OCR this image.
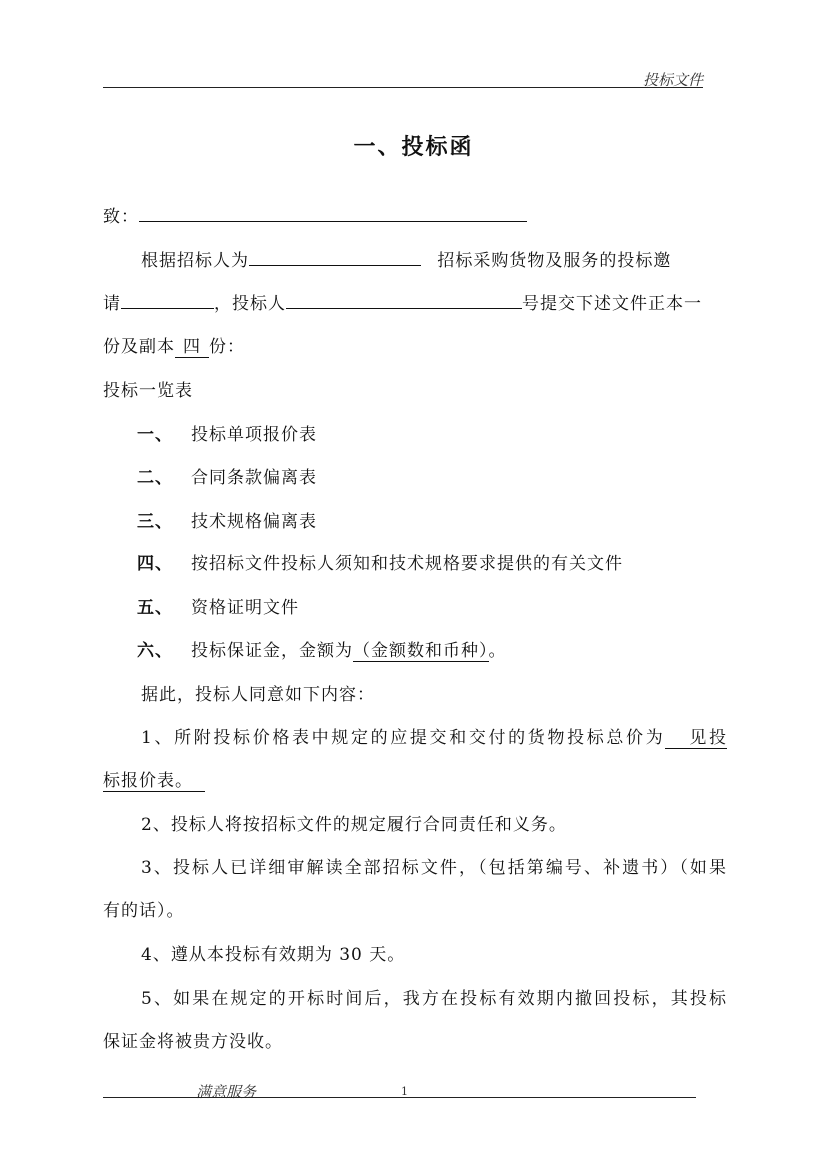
投标文件
一、投标函
致：
根据招标人为	招标采购货物及服务的投标邀
请	，投标人	号提交下述文件正本一
份及副本 四 份：
投标一览表
一、 投标单项报价表
二、 合同条款偏离表
三、 技术规格偏离表
四、 按招标文件投标人须知和技术规格要求提供的有关文件
五、 资格证明文件
六、 投标保证金，金额为（金额数和币种）。
据此，投标人同意如下内容：
1、所附投标价格表中规定的应提交和交付的货物投标总价为 见投
标报价表。
2、投标人将按招标文件的规定履行合同责任和义务。
3、投标人已详细审解读全部招标文件，（包括第编号、补遗书）（如果
有的话）。
4、遵从本投标有效期为 30 天。
5、如果在规定的开标时间后，我方在投标有效期内撤回投标，其投标
保证金将被贵方没收。
满意服务	1
